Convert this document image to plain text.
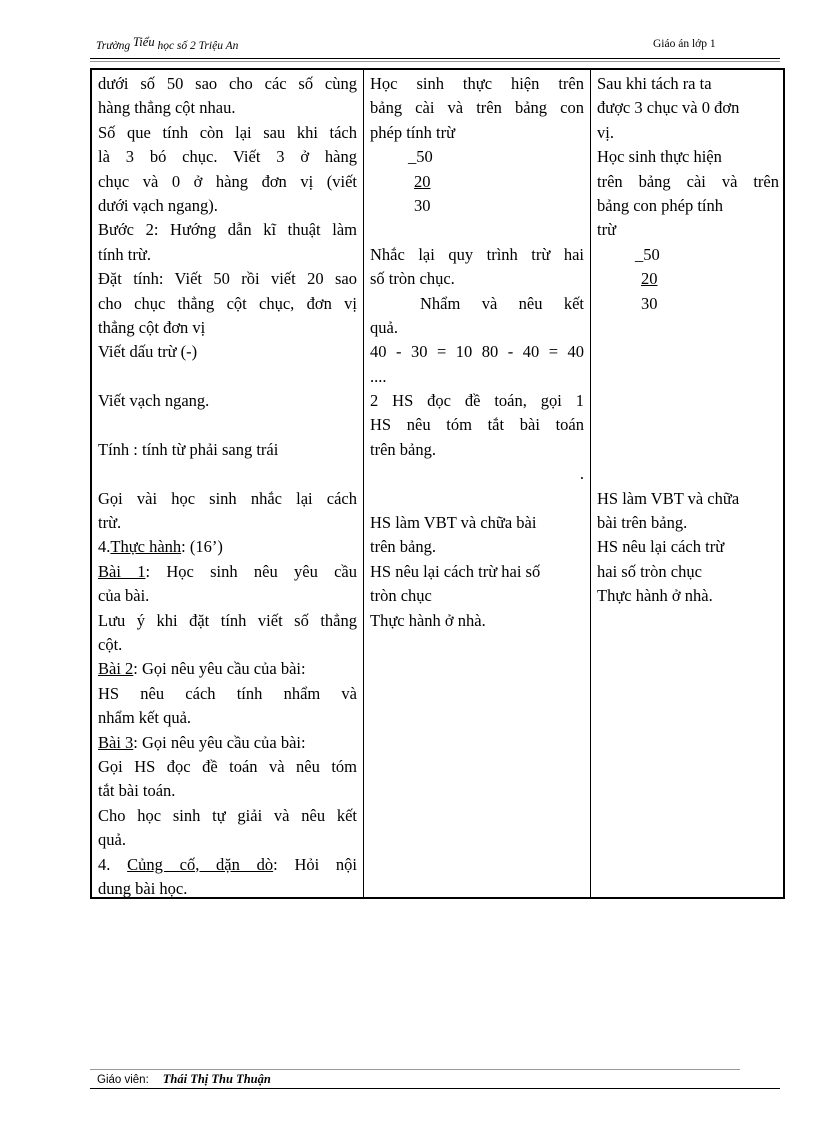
Trường Tiểu học số 2 Triệu An	Giáo án lớp 1
dưới số 50 sao cho các số cùng
hàng thẳng cột nhau.
Số que tính còn lại sau khi tách
là 3 bó chục. Viết 3 ở hàng
chục và 0 ở hàng đơn vị (viết
dưới vạch ngang).
Bước 2: Hướng dẫn kĩ thuật làm
tính trừ.
Đặt tính: Viết 50 rồi viết 20 sao
cho chục thẳng cột chục, đơn vị
thẳng cột đơn vị
Viết dấu trừ (-)
Viết vạch ngang.
Tính : tính từ phải sang trái
Gọi vài học sinh nhắc lại cách
trừ.
4.Thực hành: (16’)
Bài 1: Học sinh nêu yêu cầu
của bài.
Lưu ý khi đặt tính viết số thẳng
cột.
Bài 2: Gọi nêu yêu cầu của bài:
HS nêu cách tính nhẩm và
nhẩm kết quả.
Bài 3: Gọi nêu yêu cầu của bài:
Gọi HS đọc đề toán và nêu tóm
tắt bài toán.
Cho học sinh tự giải và nêu kết
quả.
4. Củng cố, dặn dò: Hỏi nội
dung bài học.
Học sinh thực hiện trên
bảng cài và trên bảng con
phép tính trừ
_50
20
30
Nhắc lại quy trình trừ hai
số tròn chục.
Nhẩm và nêu kết
quả.
40 - 30 = 10 80 - 40 = 40
....
2 HS đọc đề toán, gọi 1
HS nêu tóm tắt bài toán
trên bảng.
.
HS làm VBT và chữa bài
trên bảng.
HS nêu lại cách trừ hai số
tròn chục
Thực hành ở nhà.
Sau khi tách ra ta
được 3 chục và 0 đơn
vị.
Học sinh thực hiện
trên bảng cài và trên
bảng con phép tính
trừ
_50
20
30
HS làm VBT và chữa
bài trên bảng.
HS nêu lại cách trừ
hai số tròn chục
Thực hành ở nhà.
Giáo viên: Thái Thị Thu Thuận
